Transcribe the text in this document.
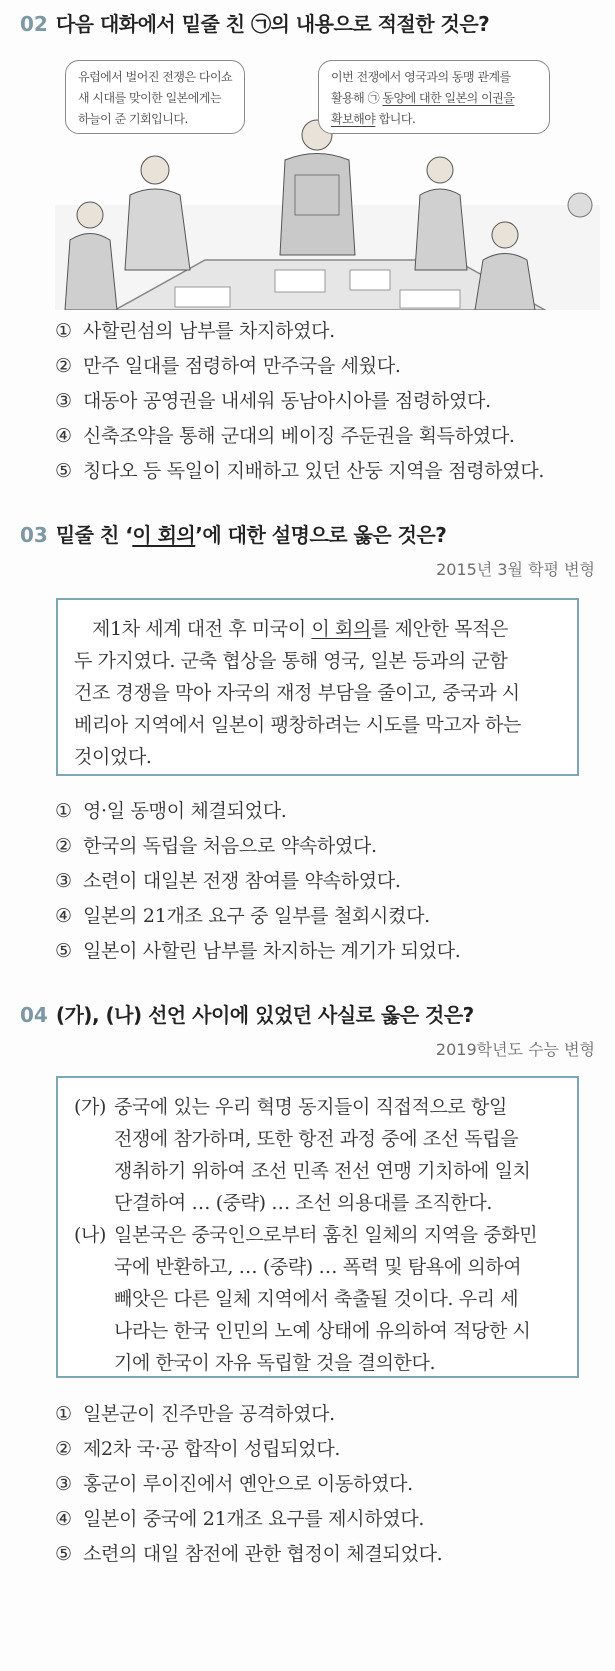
02 다음 대화에서 밑줄 친 ㉠의 내용으로 적절한 것은?
유럽에서 벌어진 전쟁은 다이쇼
새 시대를 맞이한 일본에게는
하늘이 준 기회입니다.
이번 전쟁에서 영국과의 동맹 관계를
활용해 ㉠ 동양에 대한 일본의 이권을
확보해야 합니다.
① 사할린섬의 남부를 차지하였다.
② 만주 일대를 점령하여 만주국을 세웠다.
③ 대동아 공영권을 내세워 동남아시아를 점령하였다.
④ 신축조약을 통해 군대의 베이징 주둔권을 획득하였다.
⑤ 칭다오 등 독일이 지배하고 있던 산둥 지역을 점령하였다.
03 밑줄 친 ‘이 회의’에 대한 설명으로 옳은 것은?
2015년 3월 학평 변형
제1차 세계 대전 후 미국이 이 회의를 제안한 목적은
두 가지였다. 군축 협상을 통해 영국, 일본 등과의 군함
건조 경쟁을 막아 자국의 재정 부담을 줄이고, 중국과 시
베리아 지역에서 일본이 팽창하려는 시도를 막고자 하는
것이었다.
① 영·일 동맹이 체결되었다.
② 한국의 독립을 처음으로 약속하였다.
③ 소련이 대일본 전쟁 참여를 약속하였다.
④ 일본의 21개조 요구 중 일부를 철회시켰다.
⑤ 일본이 사할린 남부를 차지하는 계기가 되었다.
04 (가), (나) 선언 사이에 있었던 사실로 옳은 것은?
2019학년도 수능 변형
(가) 중국에 있는 우리 혁명 동지들이 직접적으로 항일
전쟁에 참가하며, 또한 항전 과정 중에 조선 독립을
쟁취하기 위하여 조선 민족 전선 연맹 기치하에 일치
단결하여 … (중략) … 조선 의용대를 조직한다.
(나) 일본국은 중국인으로부터 훔친 일체의 지역을 중화민
국에 반환하고, … (중략) … 폭력 및 탐욕에 의하여
빼앗은 다른 일체 지역에서 축출될 것이다. 우리 세
나라는 한국 인민의 노예 상태에 유의하여 적당한 시
기에 한국이 자유 독립할 것을 결의한다.
① 일본군이 진주만을 공격하였다.
② 제2차 국·공 합작이 성립되었다.
③ 홍군이 루이진에서 옌안으로 이동하였다.
④ 일본이 중국에 21개조 요구를 제시하였다.
⑤ 소련의 대일 참전에 관한 협정이 체결되었다.
